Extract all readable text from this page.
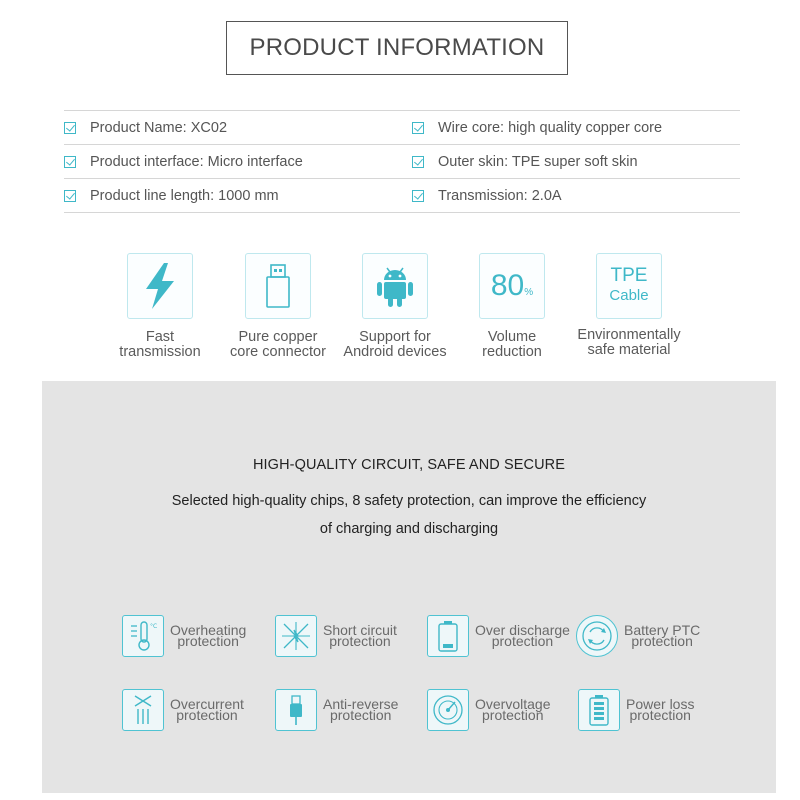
PRODUCT INFORMATION
Product Name: XC02	Wire core: high quality copper core
Product interface: Micro interface	Outer skin: TPE super soft skin
Product line length: 1000 mm	Transmission: 2.0A
Fast
transmission
Pure copper
core connector
Support for
Android devices
80%
Volume
reduction
TPE
Cable
Environmentally
safe material
HIGH-QUALITY CIRCUIT, SAFE AND SECURE
Selected high-quality chips, 8 safety protection, can improve the efficiency
of charging and discharging
°C Overheating
protection
Short circuit
protection
Over discharge
protection
Battery PTC
protection
Overcurrent
protection
Anti-reverse
protection
Overvoltage
protection
Power loss
protection
